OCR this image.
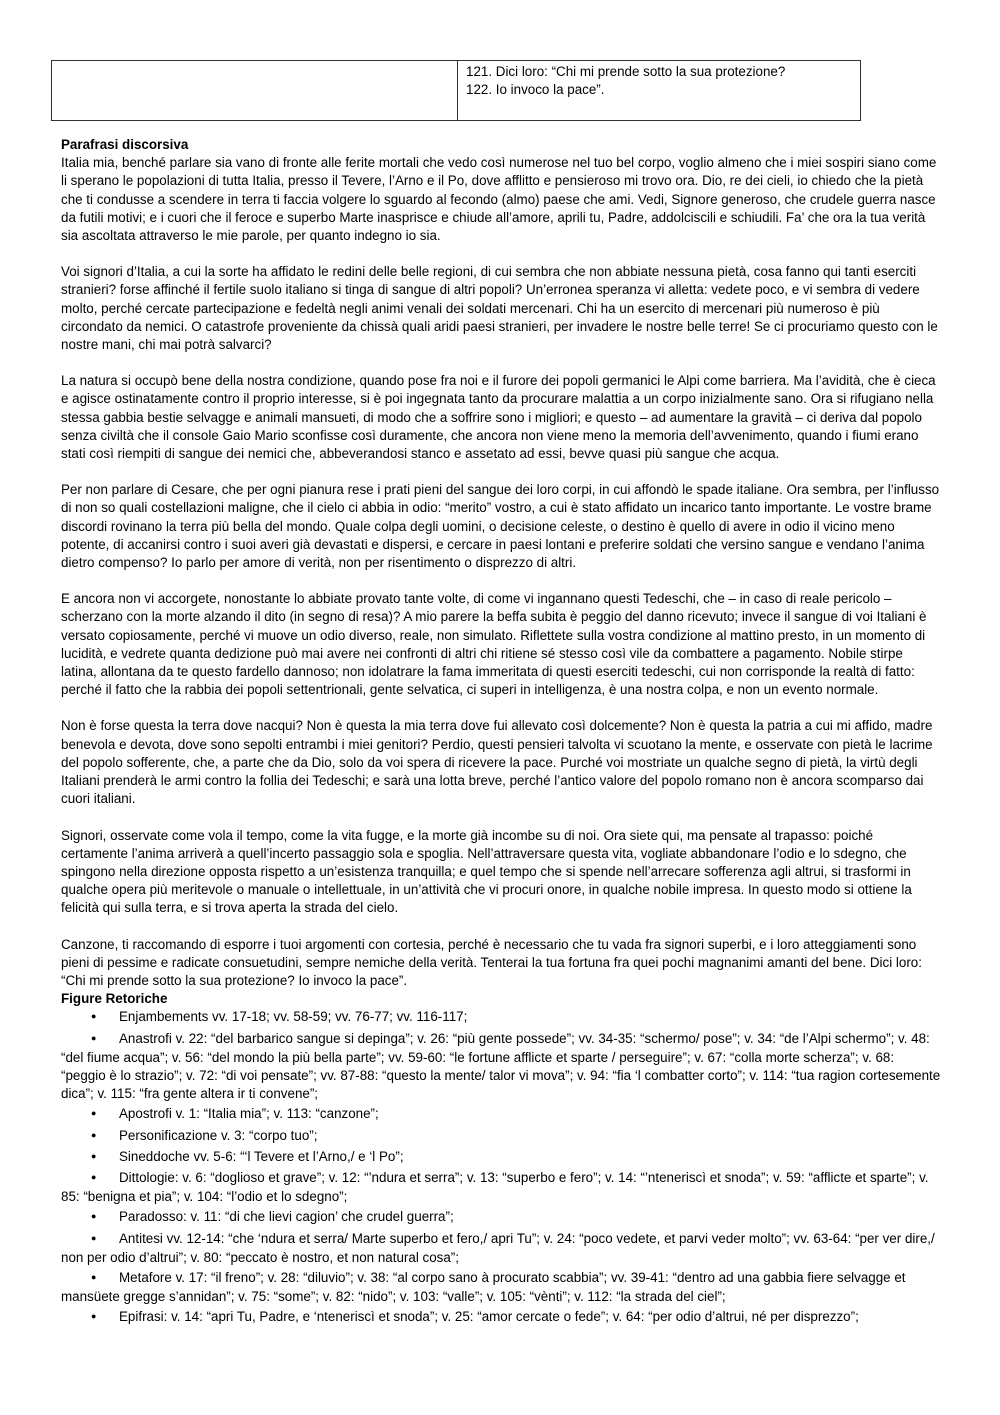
121. Dici loro: “Chi mi prende sotto la sua protezione?
122. Io invoco la pace”.
Parafrasi discorsiva

Italia mia, benché parlare sia vano di fronte alle ferite mortali che vedo così numerose nel tuo bel corpo, voglio almeno che i miei sospiri siano come li sperano le popolazioni di tutta Italia, presso il Tevere, l’Arno e il Po, dove afflitto e pensieroso mi trovo ora. Dio, re dei cieli, io chiedo che la pietà che ti condusse a scendere in terra ti faccia volgere lo sguardo al fecondo (almo) paese che ami. Vedi, Signore generoso, che crudele guerra nasce da futili motivi; e i cuori che il feroce e superbo Marte inasprisce e chiude all’amore, aprili tu, Padre, addolciscili e schiudili. Fa’ che ora la tua verità sia ascoltata attraverso le mie parole, per quanto indegno io sia.

Voi signori d’Italia, a cui la sorte ha affidato le redini delle belle regioni, di cui sembra che non abbiate nessuna pietà, cosa fanno qui tanti eserciti stranieri? forse affinché il fertile suolo italiano si tinga di sangue di altri popoli? Un’erronea speranza vi alletta: vedete poco, e vi sembra di vedere molto, perché cercate partecipazione e fedeltà negli animi venali dei soldati mercenari. Chi ha un esercito di mercenari più numeroso è più circondato da nemici. O catastrofe proveniente da chissà quali aridi paesi stranieri, per invadere le nostre belle terre! Se ci procuriamo questo con le nostre mani, chi mai potrà salvarci?

La natura si occupò bene della nostra condizione, quando pose fra noi e il furore dei popoli germanici le Alpi come barriera. Ma l’avidità, che è cieca e agisce ostinatamente contro il proprio interesse, si è poi ingegnata tanto da procurare malattia a un corpo inizialmente sano. Ora si rifugiano nella stessa gabbia bestie selvagge e animali mansueti, di modo che a soffrire sono i migliori; e questo – ad aumentare la gravità – ci deriva dal popolo senza civiltà che il console Gaio Mario sconfisse così duramente, che ancora non viene meno la memoria dell’avvenimento, quando i fiumi erano stati così riempiti di sangue dei nemici che, abbeverandosi stanco e assetato ad essi, bevve quasi più sangue che acqua.

Per non parlare di Cesare, che per ogni pianura rese i prati pieni del sangue dei loro corpi, in cui affondò le spade italiane. Ora sembra, per l’influsso di non so quali costellazioni maligne, che il cielo ci abbia in odio: “merito” vostro, a cui è stato affidato un incarico tanto importante. Le vostre brame discordi rovinano la terra più bella del mondo. Quale colpa degli uomini, o decisione celeste, o destino è quello di avere in odio il vicino meno potente, di accanirsi contro i suoi averi già devastati e dispersi, e cercare in paesi lontani e preferire soldati che versino sangue e vendano l’anima dietro compenso? Io parlo per amore di verità, non per risentimento o disprezzo di altri.

E ancora non vi accorgete, nonostante lo abbiate provato tante volte, di come vi ingannano questi Tedeschi, che – in caso di reale pericolo – scherzano con la morte alzando il dito (in segno di resa)? A mio parere la beffa subita è peggio del danno ricevuto; invece il sangue di voi Italiani è versato copiosamente, perché vi muove un odio diverso, reale, non simulato. Riflettete sulla vostra condizione al mattino presto, in un momento di lucidità, e vedrete quanta dedizione può mai avere nei confronti di altri chi ritiene sé stesso così vile da combattere a pagamento. Nobile stirpe latina, allontana da te questo fardello dannoso; non idolatrare la fama immeritata di questi eserciti tedeschi, cui non corrisponde la realtà di fatto: perché il fatto che la rabbia dei popoli settentrionali, gente selvatica, ci superi in intelligenza, è una nostra colpa, e non un evento normale.

Non è forse questa la terra dove nacqui? Non è questa la mia terra dove fui allevato così dolcemente? Non è questa la patria a cui mi affido, madre benevola e devota, dove sono sepolti entrambi i miei genitori? Perdio, questi pensieri talvolta vi scuotano la mente, e osservate con pietà le lacrime del popolo sofferente, che, a parte che da Dio, solo da voi spera di ricevere la pace. Purché voi mostriate un qualche segno di pietà, la virtù degli Italiani prenderà le armi contro la follia dei Tedeschi; e sarà una lotta breve, perché l’antico valore del popolo romano non è ancora scomparso dai cuori italiani.

Signori, osservate come vola il tempo, come la vita fugge, e la morte già incombe su di noi. Ora siete qui, ma pensate al trapasso: poiché certamente l’anima arriverà a quell’incerto passaggio sola e spoglia. Nell’attraversare questa vita, vogliate abbandonare l’odio e lo sdegno, che spingono nella direzione opposta rispetto a un’esistenza tranquilla; e quel tempo che si spende nell’arrecare sofferenza agli altrui, si trasformi in qualche opera più meritevole o manuale o intellettuale, in un’attività che vi procuri onore, in qualche nobile impresa. In questo modo si ottiene la felicità qui sulla terra, e si trova aperta la strada del cielo.

Canzone, ti raccomando di esporre i tuoi argomenti con cortesia, perché è necessario che tu vada fra signori superbi, e i loro atteggiamenti sono pieni di pessime e radicate consuetudini, sempre nemiche della verità. Tenterai la tua fortuna fra quei pochi magnanimi amanti del bene. Dici loro: “Chi mi prende sotto la sua protezione? Io invoco la pace”.

Figure Retoriche
●Enjambements vv. 17-18; vv. 58-59; vv. 76-77; vv. 116-117;
●Anastrofi v. 22: “del barbarico sangue si depinga”; v. 26: “più gente possede”; vv. 34-35: “schermo/ pose”; v. 34: “de l’Alpi schermo”; v. 48: “del fiume acqua”; v. 56: “del mondo la più bella parte”; vv. 59-60: “le fortune afflicte et sparte / perseguire”; v. 67: “colla morte scherza”; v. 68: “peggio è lo strazio”; v. 72: “di voi pensate”; vv. 87-88: “questo la mente/ talor vi mova”; v. 94: “fia ‘l combatter corto”; v. 114: “tua ragion cortesemente dica”; v. 115: “fra gente altera ir ti convene”;
●Apostrofi v. 1: “Italia mia”; v. 113: “canzone”;
●Personificazione v. 3: “corpo tuo”;
●Sineddoche vv. 5-6: “‘l Tevere et l’Arno,/ e ‘l Po”;
●Dittologie: v. 6: “doglioso et grave”; v. 12: “’ndura et serra”; v. 13: “superbo e fero”; v. 14: “’nteneriscì et snoda”; v. 59: “afflicte et sparte”; v. 85: “benigna et pia”; v. 104: “l’odio et lo sdegno”;
●Paradosso: v. 11: “di che lievi cagion’ che crudel guerra”;
●Antitesi vv. 12-14: “che ‘ndura et serra/ Marte superbo et fero,/ apri Tu”; v. 24: “poco vedete, et parvi veder molto”; vv. 63-64: “per ver dire,/ non per odio d’altrui”; v. 80: “peccato è nostro, et non natural cosa”;
●Metafore v. 17: “il freno”; v. 28: “diluvio”; v. 38: “al corpo sano à procurato scabbia”; vv. 39-41: “dentro ad una gabbia fiere selvagge et mansüete gregge s’annidan”; v. 75: “some”; v. 82: “nido”; v. 103: “valle”; v. 105: “vènti”; v. 112: “la strada del ciel”;
●Epifrasi: v. 14: “apri Tu, Padre, e ‘nteneriscì et snoda”; v. 25: “amor cercate o fede”; v. 64: “per odio d’altrui, né per disprezzo”;
